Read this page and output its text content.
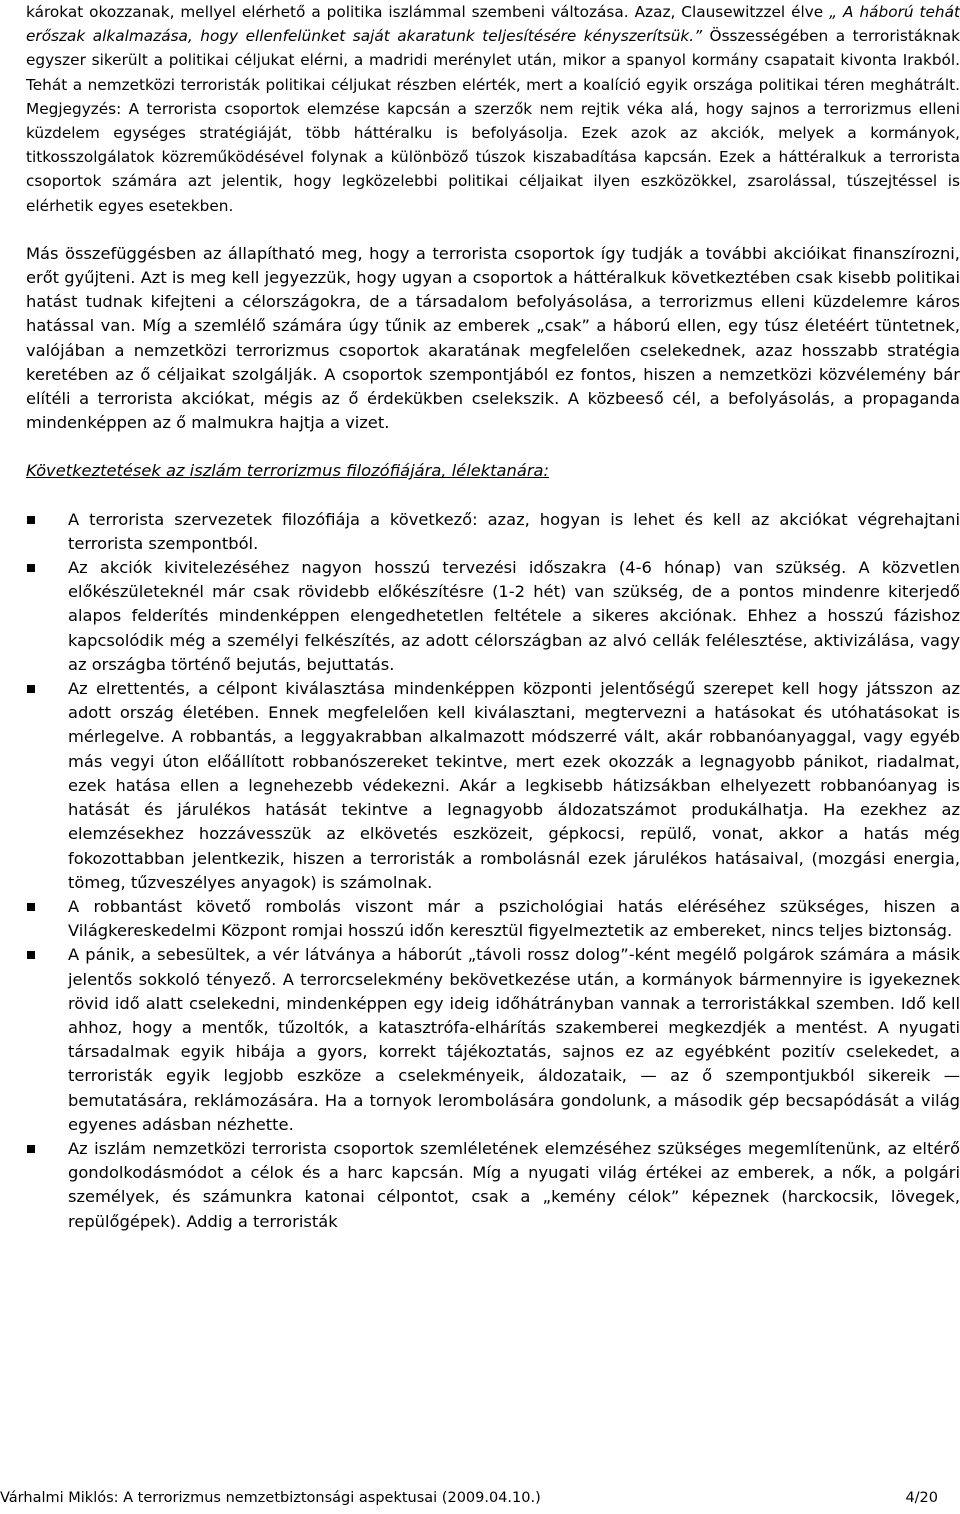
károkat okozzanak, mellyel elérhető a politika iszlámmal szembeni változása. Azaz, Clausewitzzel élve „ A háború tehát erőszak alkalmazása, hogy ellenfelünket saját akaratunk teljesítésére kényszerítsük.” Összességében a terroristáknak egyszer sikerült a politikai céljukat elérni, a madridi merénylet után, mikor a spanyol kormány csapatait kivonta Irakból. Tehát a nemzetközi terroristák politikai céljukat részben elérték, mert a koalíció egyik országa politikai téren meghátrált. Megjegyzés: A terrorista csoportok elemzése kapcsán a szerzők nem rejtik véka alá, hogy sajnos a terrorizmus elleni küzdelem egységes stratégiáját, több háttéralku is befolyásolja. Ezek azok az akciók, melyek a kormányok, titkosszolgálatok közreműködésével folynak a különböző túszok kiszabadítása kapcsán. Ezek a háttéralkuk a terrorista csoportok számára azt jelentik, hogy legközelebbi politikai céljaikat ilyen eszközökkel, zsarolással, túszejtéssel is elérhetik egyes esetekben.

Más összefüggésben az állapítható meg, hogy a terrorista csoportok így tudják a további akcióikat finanszírozni, erőt gyűjteni. Azt is meg kell jegyezzük, hogy ugyan a csoportok a háttéralkuk következtében csak kisebb politikai hatást tudnak kifejteni a célországokra, de a társadalom befolyásolása, a terrorizmus elleni küzdelemre káros hatással van. Míg a szemlélő számára úgy tűnik az emberek „csak” a háború ellen, egy túsz életéért tüntetnek, valójában a nemzetközi terrorizmus csoportok akaratának megfelelően cselekednek, azaz hosszabb stratégia keretében az ő céljaikat szolgálják. A csoportok szempontjából ez fontos, hiszen a nemzetközi közvélemény bár elítéli a terrorista akciókat, mégis az ő érdekükben cselekszik. A közbeeső cél, a befolyásolás, a propaganda mindenképpen az ő malmukra hajtja a vizet.

Következtetések az iszlám terrorizmus filozófiájára, lélektanára:

A terrorista szervezetek filozófiája a következő: azaz, hogyan is lehet és kell az akciókat végrehajtani terrorista szempontból.
Az akciók kivitelezéséhez nagyon hosszú tervezési időszakra (4-6 hónap) van szükség. A közvetlen előkészületeknél már csak rövidebb előkészítésre (1-2 hét) van szükség, de a pontos mindenre kiterjedő alapos felderítés mindenképpen elengedhetetlen feltétele a sikeres akciónak. Ehhez a hosszú fázishoz kapcsolódik még a személyi felkészítés, az adott célországban az alvó cellák felélesztése, aktivizálása, vagy az országba történő bejutás, bejuttatás.
Az elrettentés, a célpont kiválasztása mindenképpen központi jelentőségű szerepet kell hogy játsszon az adott ország életében. Ennek megfelelően kell kiválasztani, megtervezni a hatásokat és utóhatásokat is mérlegelve. A robbantás, a leggyakrabban alkalmazott módszerré vált, akár robbanóanyaggal, vagy egyéb más vegyi úton előállított robbanószereket tekintve, mert ezek okozzák a legnagyobb pánikot, riadalmat, ezek hatása ellen a legnehezebb védekezni. Akár a legkisebb hátizsákban elhelyezett robbanóanyag is hatását és járulékos hatását tekintve a legnagyobb áldozatszámot produkálhatja. Ha ezekhez az elemzésekhez hozzávesszük az elkövetés eszközeit, gépkocsi, repülő, vonat, akkor a hatás még fokozottabban jelentkezik, hiszen a terroristák a rombolásnál ezek járulékos hatásaival, (mozgási energia, tömeg, tűzveszélyes anyagok) is számolnak.
A robbantást követő rombolás viszont már a pszichológiai hatás eléréséhez szükséges, hiszen a Világkereskedelmi Központ romjai hosszú időn keresztül figyelmeztetik az embereket, nincs teljes biztonság.
A pánik, a sebesültek, a vér látványa a háborút „távoli rossz dolog”-ként megélő polgárok számára a másik jelentős sokkoló tényező. A terrorcselekmény bekövetkezése után, a kormányok bármennyire is igyekeznek rövid idő alatt cselekedni, mindenképpen egy ideig időhátrányban vannak a terroristákkal szemben. Idő kell ahhoz, hogy a mentők, tűzoltók, a katasztrófa-elhárítás szakemberei megkezdjék a mentést. A nyugati társadalmak egyik hibája a gyors, korrekt tájékoztatás, sajnos ez az egyébként pozitív cselekedet, a terroristák egyik legjobb eszköze a cselekményeik, áldozataik, — az ő szempontjukból sikereik — bemutatására, reklámozására. Ha a tornyok lerombolására gondolunk, a második gép becsapódását a világ egyenes adásban nézhette.
Az iszlám nemzetközi terrorista csoportok szemléletének elemzéséhez szükséges megemlítenünk, az eltérő gondolkodásmódot a célok és a harc kapcsán. Míg a nyugati világ értékei az emberek, a nők, a polgári személyek, és számunkra katonai célpontot, csak a „kemény célok” képeznek (harckocsik, lövegek, repülőgépek). Addig a terroristák
Várhalmi Miklós: A terrorizmus nemzetbiztonsági aspektusai (2009.04.10.)	4/20
